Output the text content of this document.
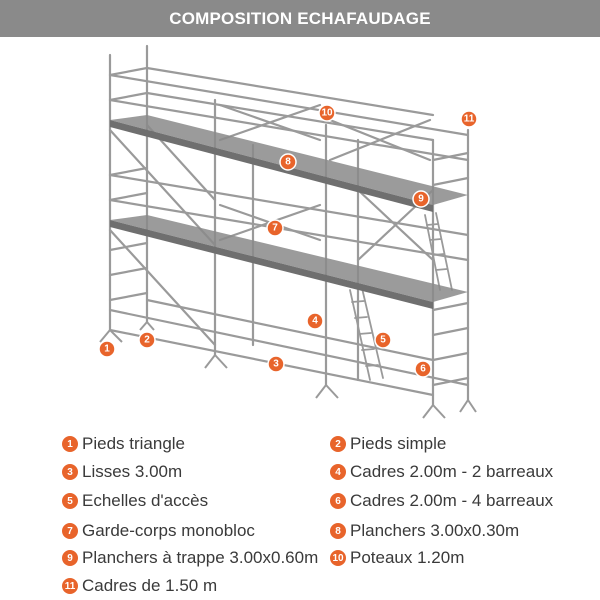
COMPOSITION ECHAFAUDAGE
1
2
3
4
5
6
7
8
9
10
11
1 Pieds triangle	2 Pieds simple
3 Lisses 3.00m	4 Cadres 2.00m - 2 barreaux
5 Echelles d'accès	6 Cadres 2.00m - 4 barreaux
7 Garde-corps monobloc	8 Planchers 3.00x0.30m
9 Planchers à trappe 3.00x0.60m 10 Poteaux 1.20m
11 Cadres de 1.50 m
